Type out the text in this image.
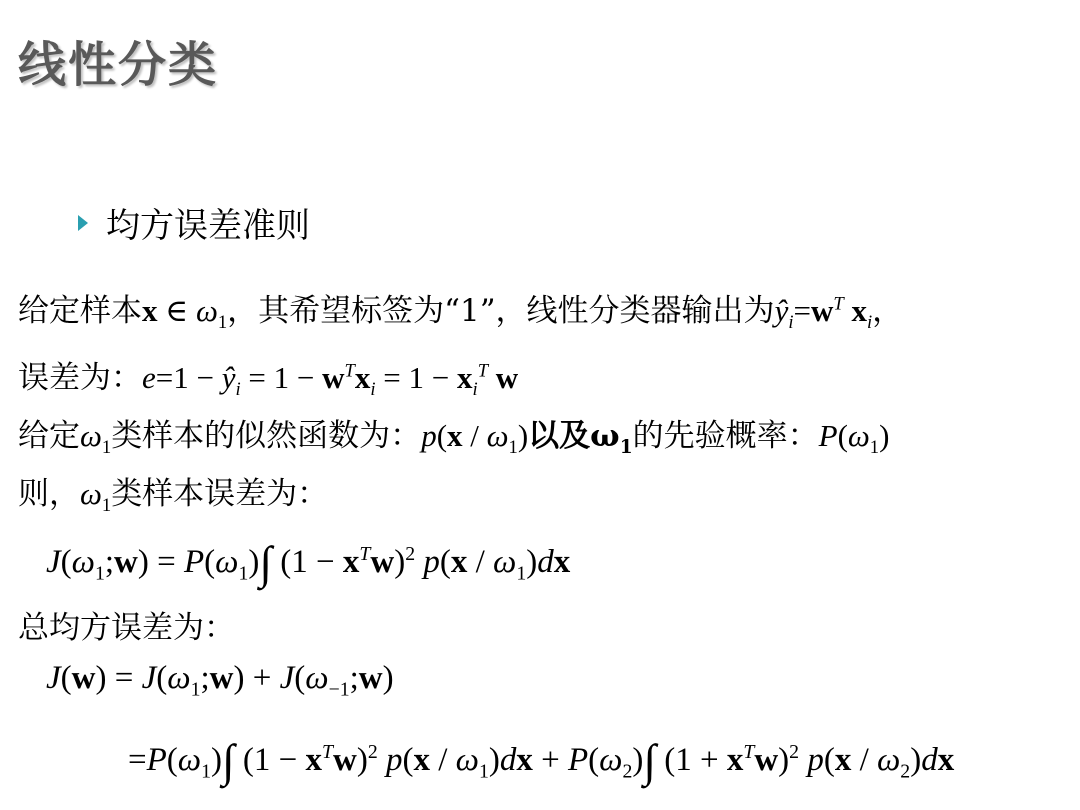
线性分类
均方误差准则
给定样本x ∈ $\omega_1$，其希望标签为“1”，线性分类器输出为$ŷ_i=w^T$ $x_i$，
误差为：$e=1 - ŷ_i = 1 - w^Tx_i = 1 - x_i^T$ w
给定$\omega_1$类样本的似然函数为：$p(x / \omega_1)$以及$\omega_1$的先验概率：$P(\omega_1)$
则，$\omega_1$类样本误差为：
$J(\omega_1;w) = P(\omega_1)\int$ $(1 - x^Tw)^2$ $p(x / \omega_1)dx$
总均方误差为：
$J(w) = J(\omega_1;w)$ + $J(\omega_{-1};w)$
$=P(\omega_1)\int$ $(1 - x^Tw)^2$ $p(x / \omega_1)dx + P(\omega_2)\int$ $(1 + x^Tw)^2$ $p(x / \omega_2)dx$
